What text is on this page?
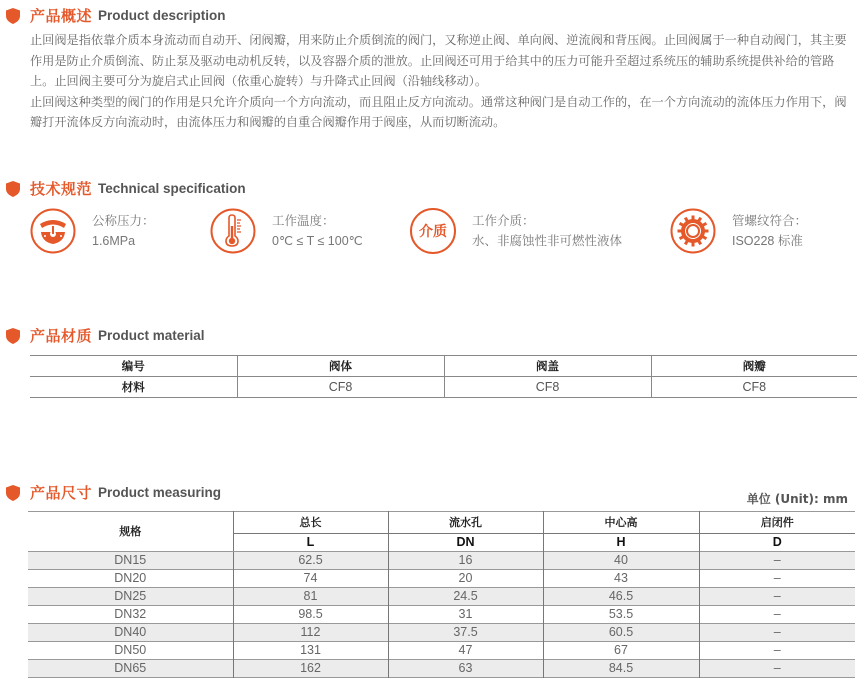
产品概述 Product description

止回阀是指依靠介质本身流动而自动开、闭阀瓣，用来防止介质倒流的阀门，又称逆止阀、单向阀、逆流阀和背压阀。止回阀属于一种自动阀门，其主要作用是防止介质倒流、防止泵及驱动电动机反转，以及容器介质的泄放。止回阀还可用于给其中的压力可能升至超过系统压的辅助系统提供补给的管路上。止回阀主要可分为旋启式止回阀（依重心旋转）与升降式止回阀（沿轴线移动）。

止回阀这种类型的阀门的作用是只允许介质向一个方向流动，而且阻止反方向流动。通常这种阀门是自动工作的，在一个方向流动的流体压力作用下，阀瓣打开流体反方向流动时，由流体压力和阀瓣的自重合阀瓣作用于阀座，从而切断流动。

技术规范 Technical specification
公称压力：
1.6MPa
工作温度：
0℃ ≤ T ≤ 100℃
介质
工作介质：
水、非腐蚀性非可燃性液体
管螺纹符合：
ISO228 标准
产品材质 Product material
编号	阀体	阀盖	阀瓣
材料	CF8	CF8	CF8
产品尺寸 Product measuring	单位 (Unit): mm
规格	总长	流水孔	中心高	启闭件
	L	DN	H	D
DN15	62.5	16	40	–
DN20	74	20	43	–
DN25	81	24.5	46.5	–
DN32	98.5	31	53.5	–
DN40	112	37.5	60.5	–
DN50	131	47	67	–
DN65	162	63	84.5	–
